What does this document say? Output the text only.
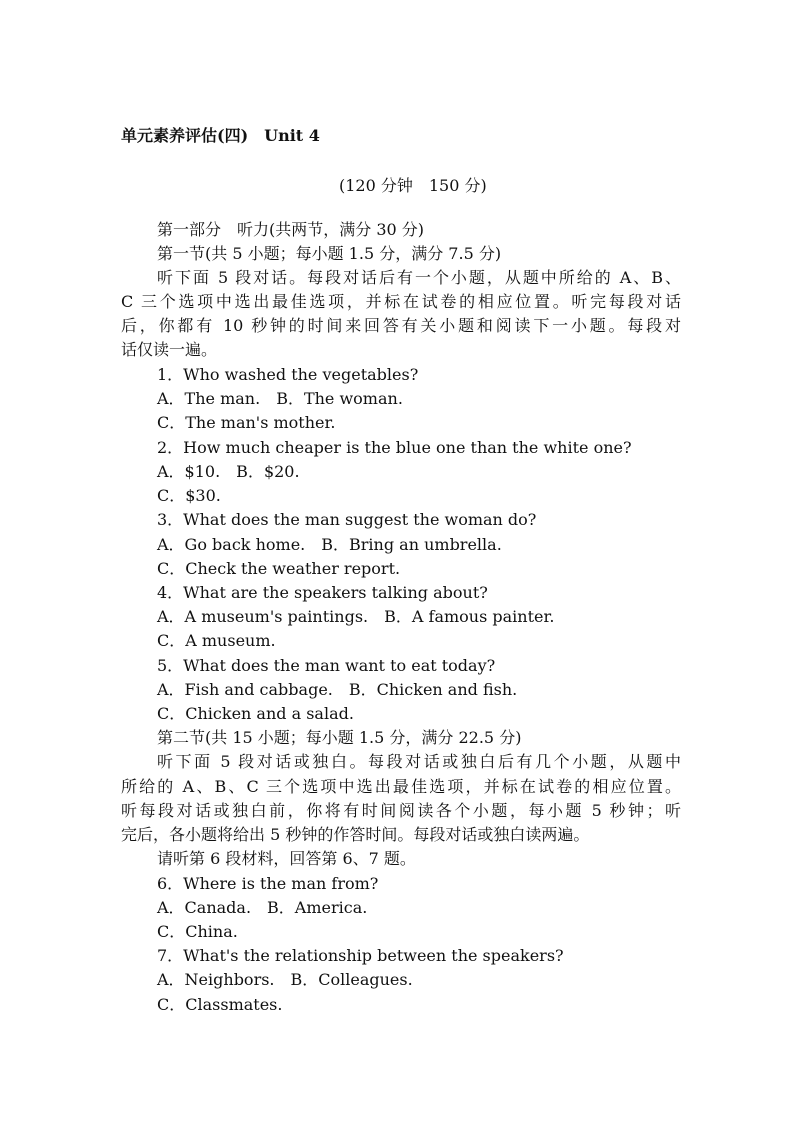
单元素养评估(四)　Unit 4
(120 分钟　150 分)
第一部分　听力(共两节，满分 30 分)
第一节(共 5 小题；每小题 1.5 分，满分 7.5 分)
听下面 5 段对话。每段对话后有一个小题，从题中所给的 A、B、
C 三个选项中选出最佳选项，并标在试卷的相应位置。听完每段对话
后，你都有 10 秒钟的时间来回答有关小题和阅读下一小题。每段对
话仅读一遍。
1．Who washed the vegetables?
A．The man.　B．The woman.
C．The man's mother.
2．How much cheaper is the blue one than the white one?
A．$10.　B．$20.
C．$30.
3．What does the man suggest the woman do?
A．Go back home.　B．Bring an umbrella.
C．Check the weather report.
4．What are the speakers talking about?
A．A museum's paintings.　B．A famous painter.
C．A museum.
5．What does the man want to eat today?
A．Fish and cabbage.　B．Chicken and fish.
C．Chicken and a salad.
第二节(共 15 小题；每小题 1.5 分，满分 22.5 分)
听下面 5 段对话或独白。每段对话或独白后有几个小题，从题中
所给的 A、B、C 三个选项中选出最佳选项，并标在试卷的相应位置。
听每段对话或独白前，你将有时间阅读各个小题，每小题 5 秒钟；听
完后，各小题将给出 5 秒钟的作答时间。每段对话或独白读两遍。
请听第 6 段材料，回答第 6、7 题。
6．Where is the man from?
A．Canada.　B．America.
C．China.
7．What's the relationship between the speakers?
A．Neighbors.　B．Colleagues.
C．Classmates.
